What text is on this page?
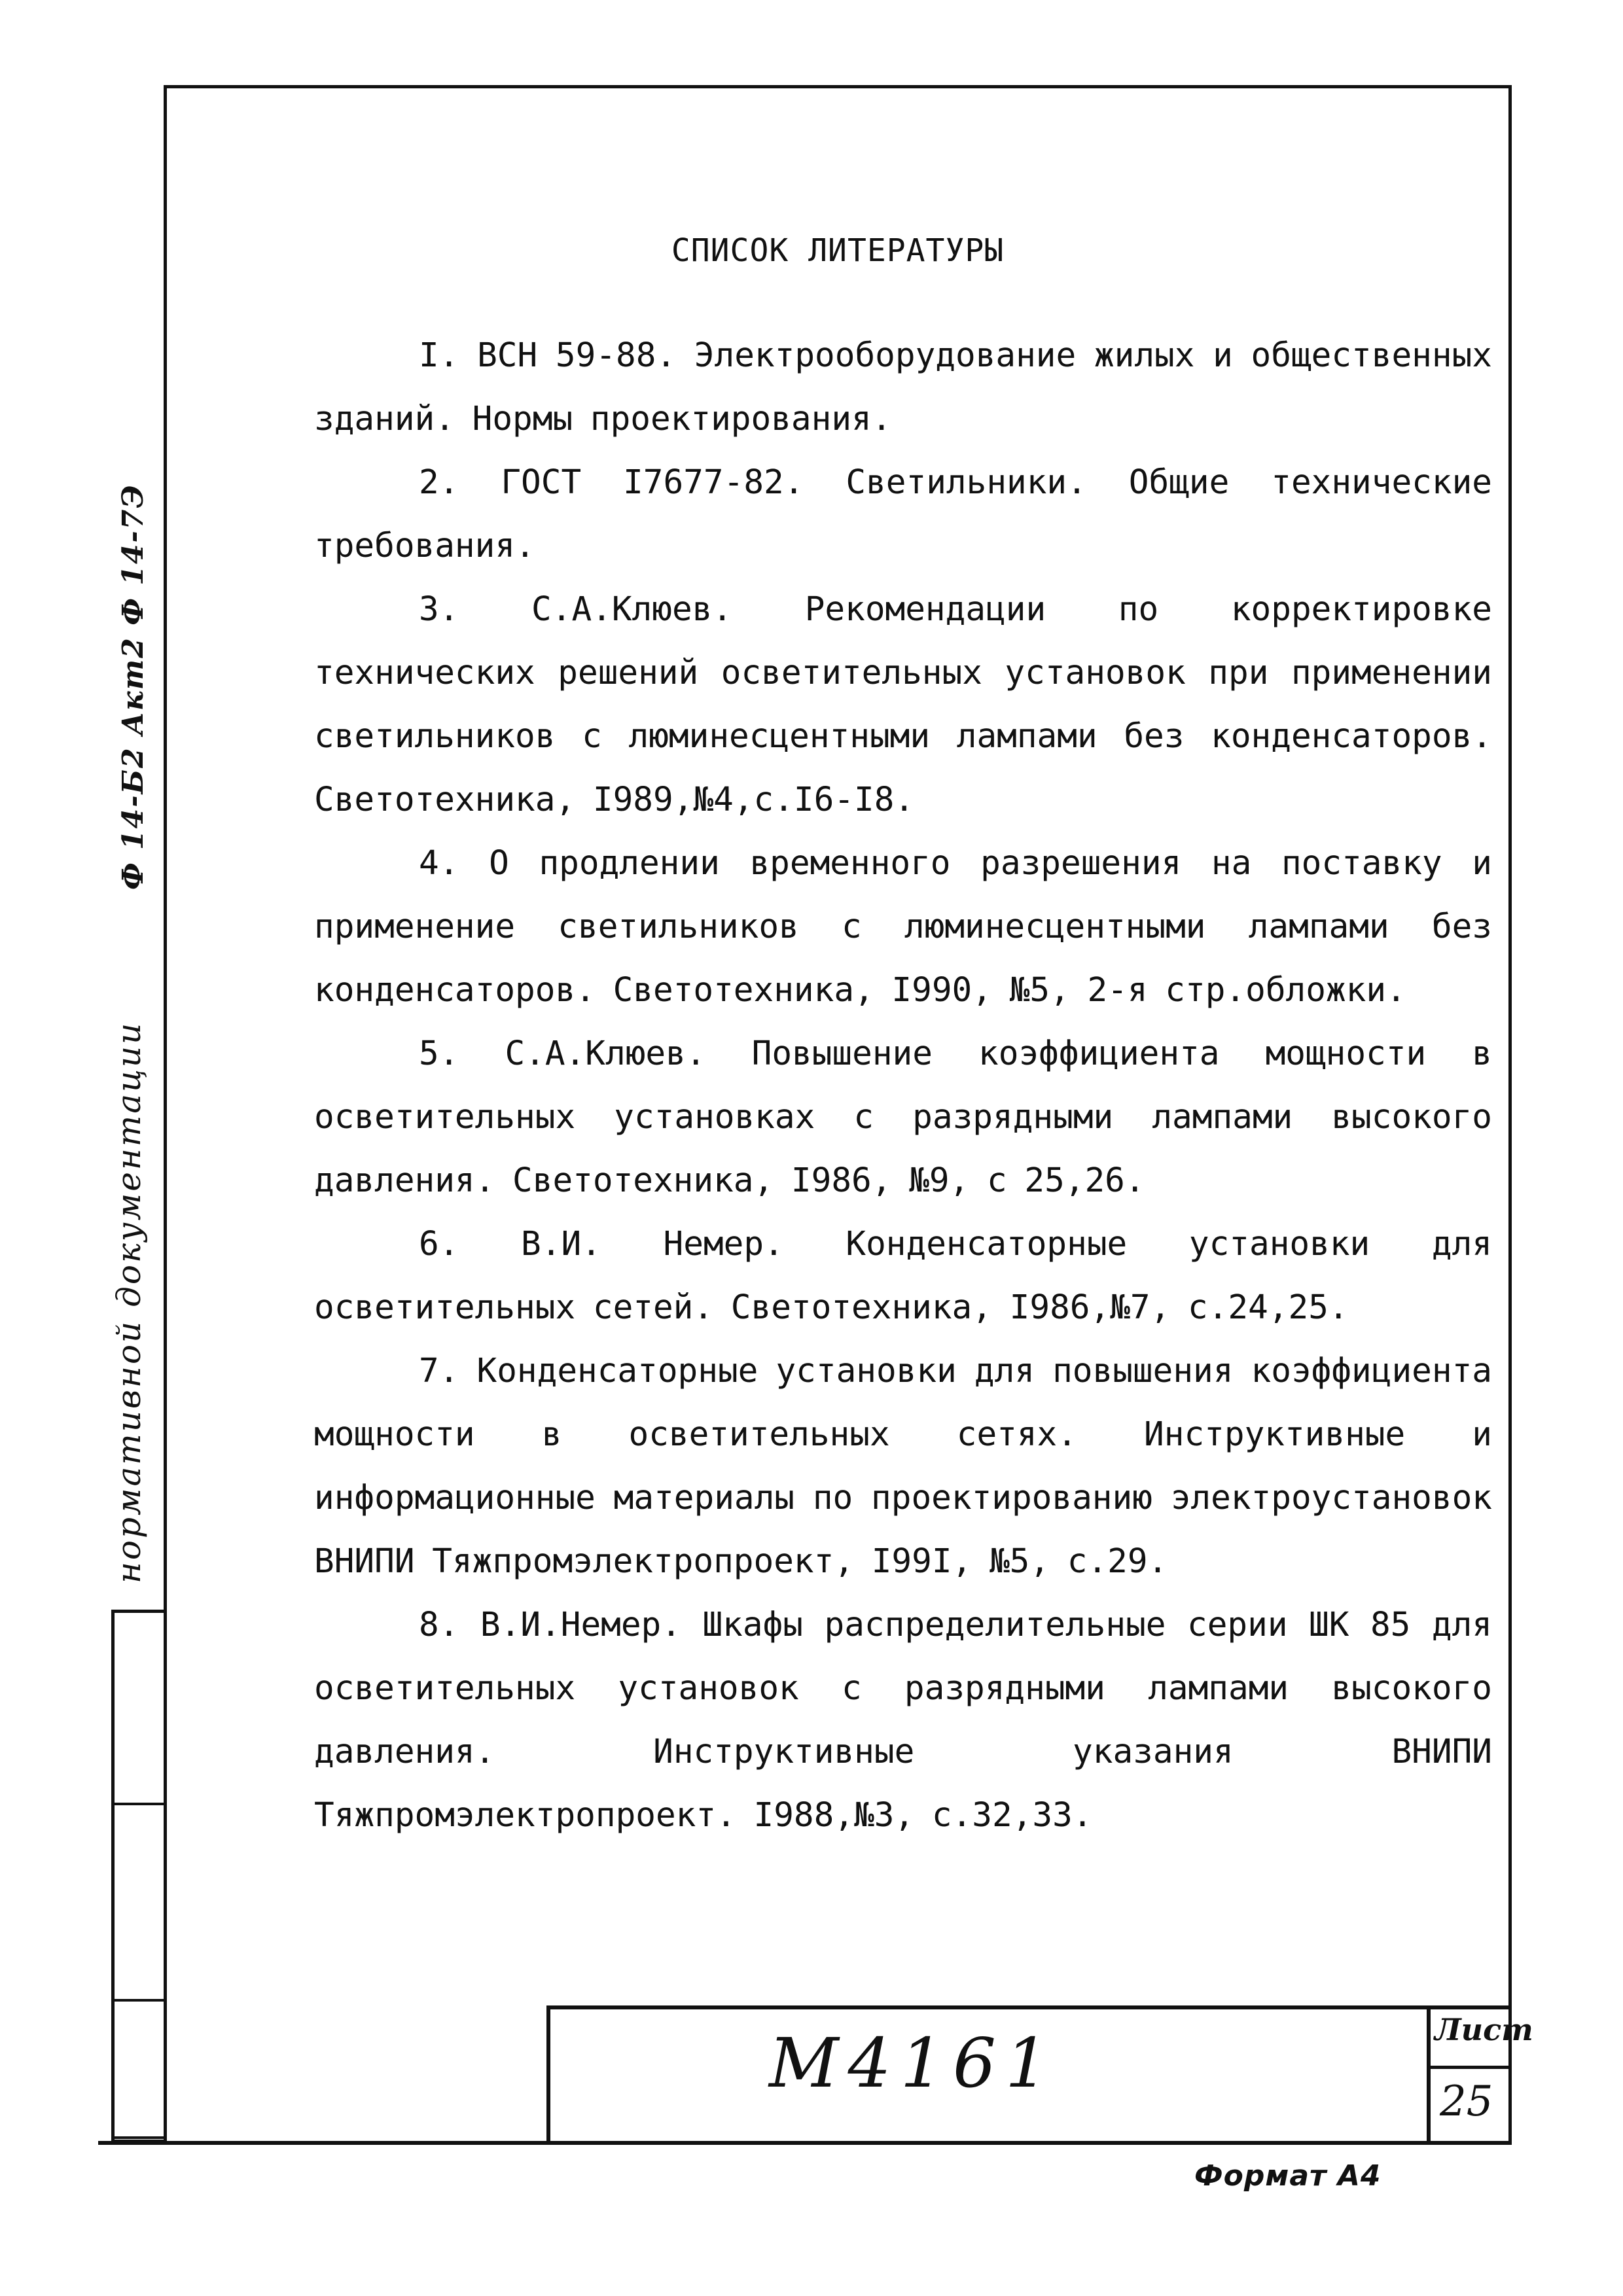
Ф 14-Б2 Акт2 Ф 14-7Э
нормативной документации
СПИСОК ЛИТЕРАТУРЫ
I. ВСН 59-88. Электрооборудование жилых и общественных зданий. Нормы проектирования.
2. ГОСТ I7677-82. Светильники. Общие технические требования.
3. С.А.Клюев. Рекомендации по корректировке технических решений осветительных установок при применении светильников с люминесцентными лампами без конденсаторов. Светотехника, I989,№4,с.I6-I8.
4. О продлении временного разрешения на поставку и применение светильников с люминесцентными лампами без конденсаторов. Светотехника, I990, №5, 2-я стр.обложки.
5. С.А.Клюев. Повышение коэффициента мощности в осветительных установках с разрядными лампами высокого давления. Светотехника, I986, №9, с 25,26.
6. В.И. Немер. Конденсаторные установки для осветительных сетей. Светотехника, I986,№7, с.24,25.
7. Конденсаторные установки для повышения коэффициента мощности в осветительных сетях. Инструктивные и информационные материалы по проектированию электроустановок ВНИПИ Тяжпромэлектропроект, I99I, №5, с.29.
8. В.И.Немер. Шкафы распределительные серии ШК 85 для осветительных установок с разрядными лампами высокого давления. Инструктивные указания ВНИПИ Тяжпромэлектропроект. I988,№3, с.32,33.
М4161	Лист
25
Формат А4
